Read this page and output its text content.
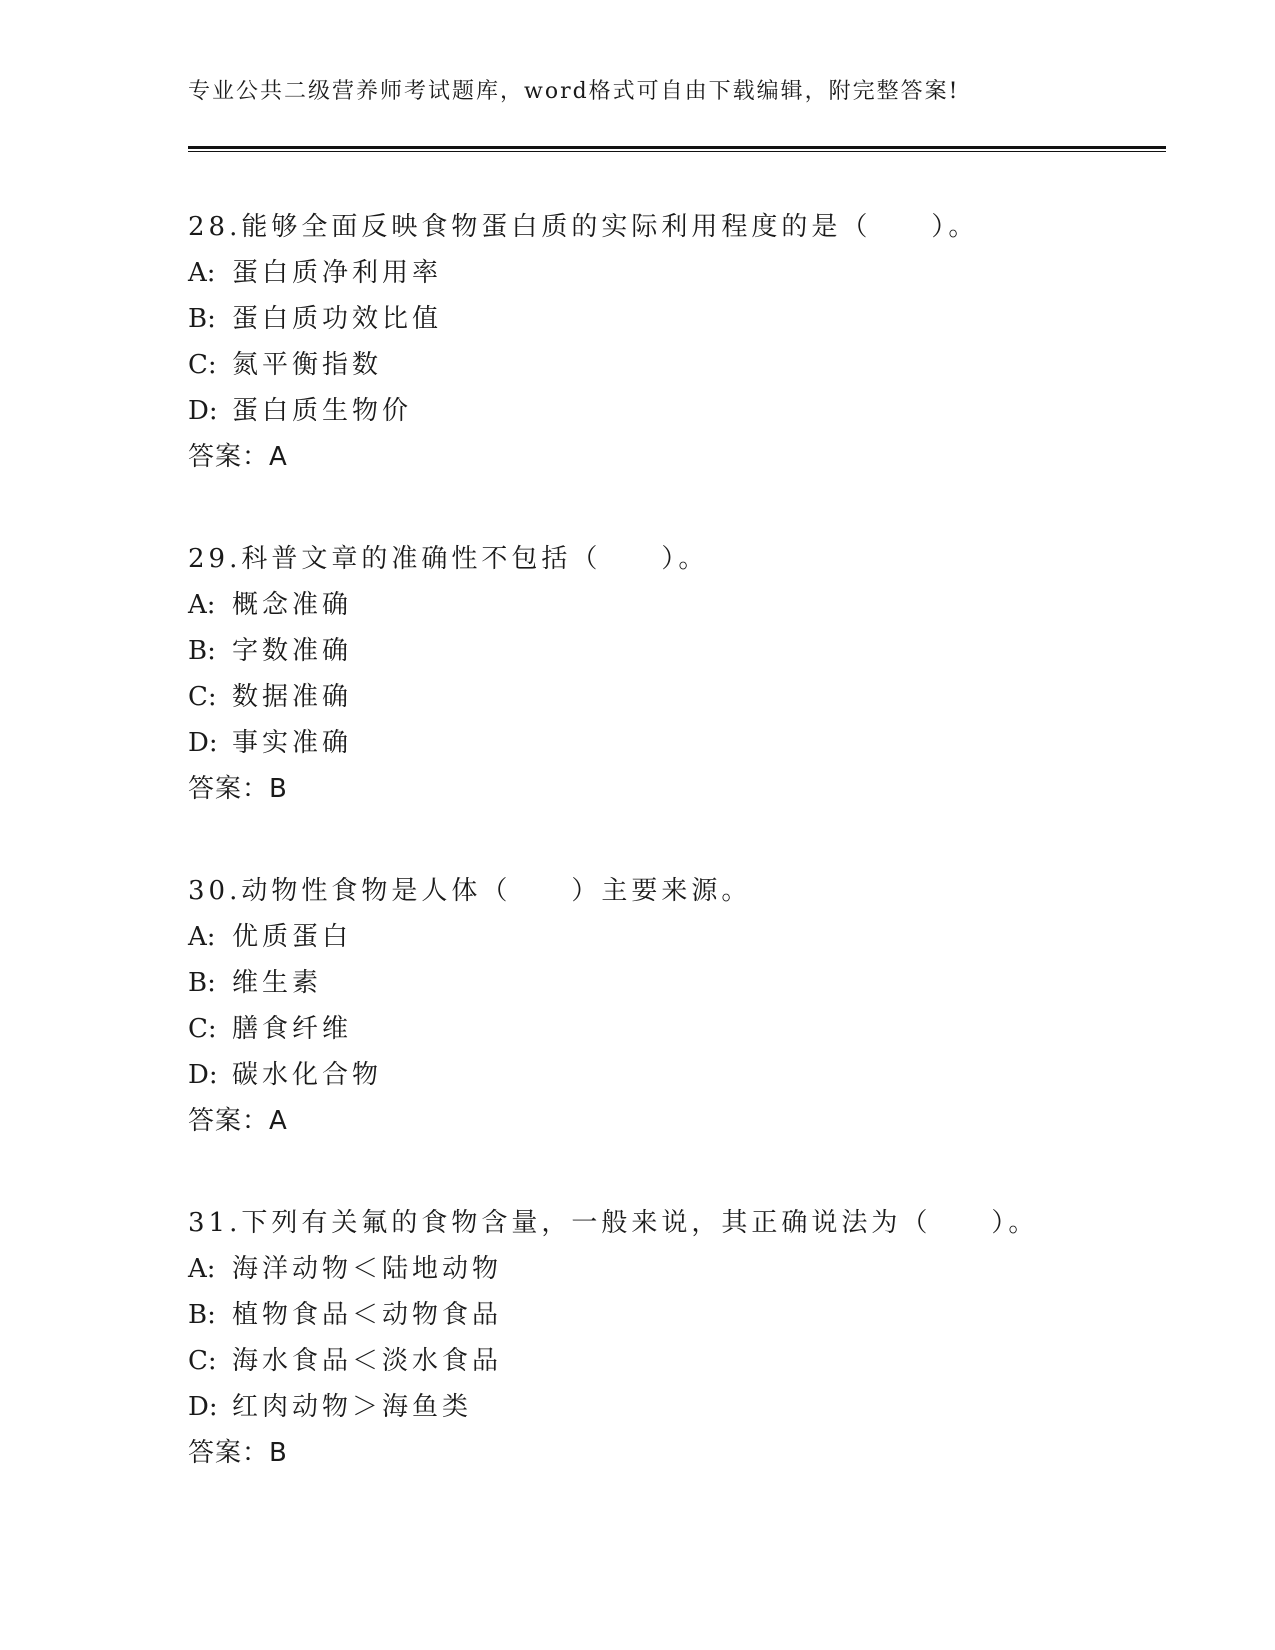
专业公共二级营养师考试题库，word格式可自由下载编辑，附完整答案!
28.能够全面反映食物蛋白质的实际利用程度的是（　　）。
A: 蛋白质净利用率
B: 蛋白质功效比值
C: 氮平衡指数
D: 蛋白质生物价
答案：A
29.科普文章的准确性不包括（　　）。
A: 概念准确
B: 字数准确
C: 数据准确
D: 事实准确
答案：B
30.动物性食物是人体（　　）主要来源。
A: 优质蛋白
B: 维生素
C: 膳食纤维
D: 碳水化合物
答案：A
31.下列有关氟的食物含量，一般来说，其正确说法为（　　）。
A: 海洋动物＜陆地动物
B: 植物食品＜动物食品
C: 海水食品＜淡水食品
D: 红肉动物＞海鱼类
答案：B
